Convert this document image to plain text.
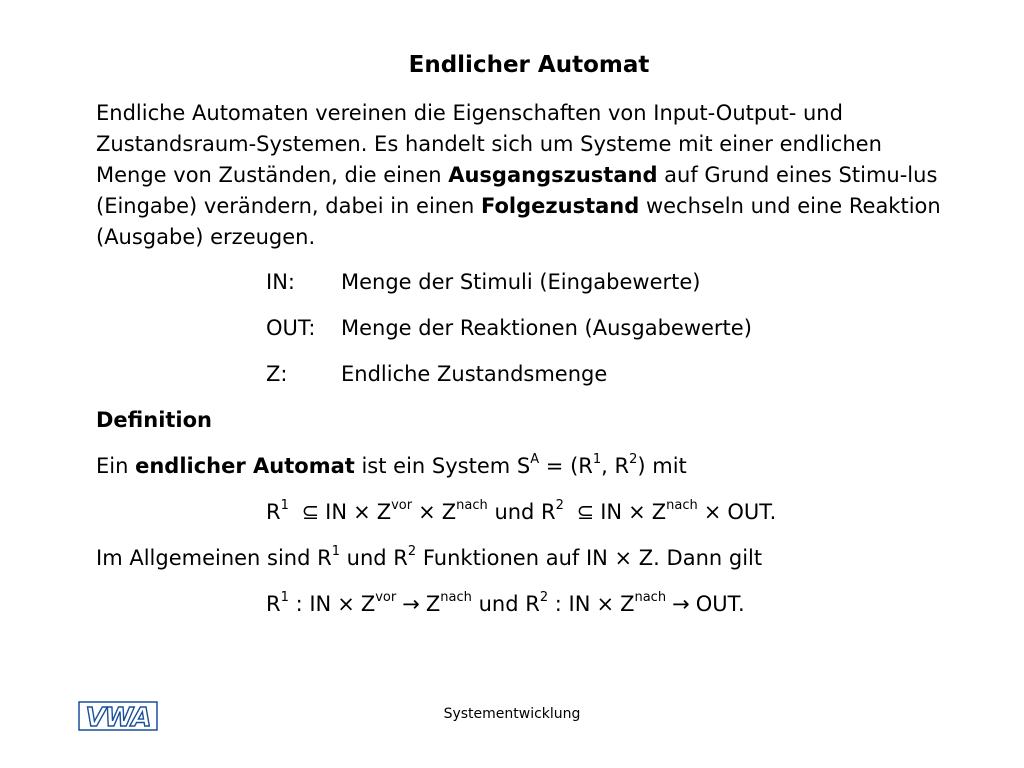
Endlicher Automat
Endliche Automaten vereinen die Eigenschaften von Input-Output- und Zustandsraum-Systemen. Es handelt sich um Systeme mit einer endlichen Menge von Zuständen, die einen Ausgangszustand auf Grund eines Stimu-lus (Eingabe) verändern, dabei in einen Folgezustand wechseln und eine Reaktion (Ausgabe) erzeugen.
IN: Menge der Stimuli (Eingabewerte)
OUT: Menge der Reaktionen (Ausgabewerte)
Z:	Endliche Zustandsmenge
Definition
Ein endlicher Automat ist ein System $S^A = (R^1$, $R^2$) mit
$R^1$ ⊆ IN × $Z^{vor} \times Z^{nach}$ und $R^2$ ⊆ IN × $Z^{nach}$ × OUT.
Im Allgemeinen sind $R^1$ und $R^2$ Funktionen auf IN × Z. Dann gilt
$R^1$ : IN × $Z^{vor} \to Z^{nach}$ und $R^2$ : IN × $Z^{nach}$ → OUT.
VWA	Systementwicklung
